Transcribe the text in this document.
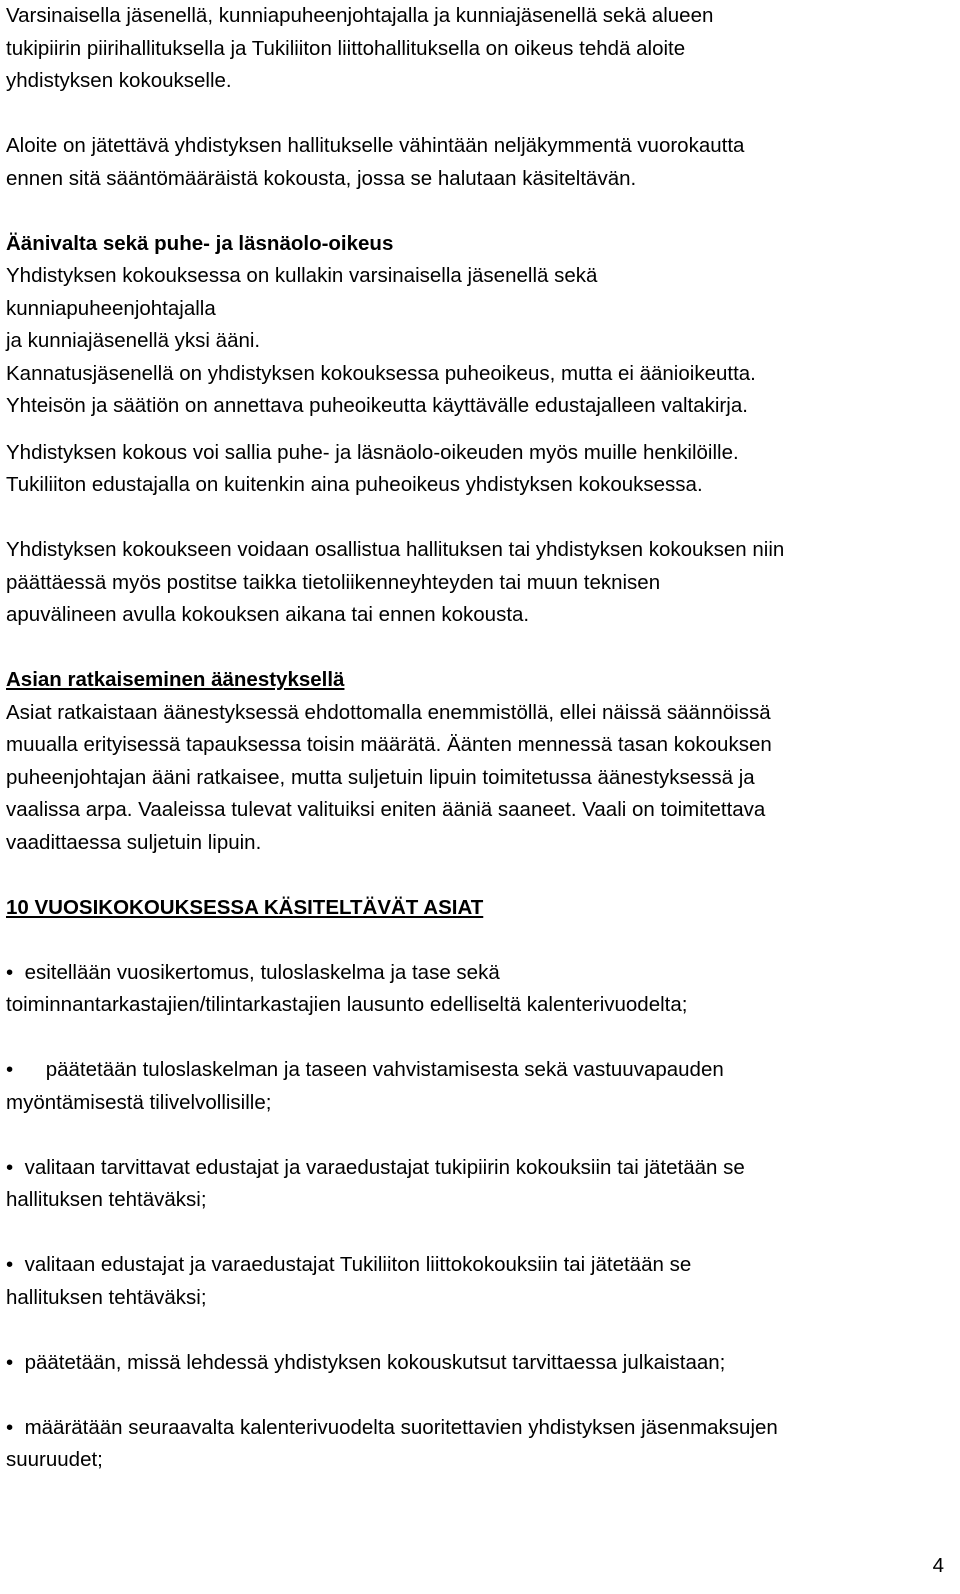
Varsinaisella jäsenellä, kunniapuheenjohtajalla ja kunniajäsenellä sekä alueen
tukipiirin piirihallituksella ja Tukiliiton liittohallituksella on oikeus tehdä aloite
yhdistyksen kokoukselle.
Aloite on jätettävä yhdistyksen hallitukselle vähintään neljäkymmentä vuorokautta
ennen sitä sääntömääräistä kokousta, jossa se halutaan käsiteltävän.
Äänivalta sekä puhe- ja läsnäolo-oikeus
Yhdistyksen kokouksessa on kullakin varsinaisella jäsenellä sekä
kunniapuheenjohtajalla
ja kunniajäsenellä yksi ääni.
Kannatusjäsenellä on yhdistyksen kokouksessa puheoikeus, mutta ei äänioikeutta.
Yhteisön ja säätiön on annettava puheoikeutta käyttävälle edustajalleen valtakirja.
Yhdistyksen kokous voi sallia puhe- ja läsnäolo-oikeuden myös muille henkilöille.
Tukiliiton edustajalla on kuitenkin aina puheoikeus yhdistyksen kokouksessa.
Yhdistyksen kokoukseen voidaan osallistua hallituksen tai yhdistyksen kokouksen niin
päättäessä myös postitse taikka tietoliikenneyhteyden tai muun teknisen
apuvälineen avulla kokouksen aikana tai ennen kokousta.
Asian ratkaiseminen äänestyksellä
Asiat ratkaistaan äänestyksessä ehdottomalla enemmistöllä, ellei näissä säännöissä
muualla erityisessä tapauksessa toisin määrätä. Äänten mennessä tasan kokouksen
puheenjohtajan ääni ratkaisee, mutta suljetuin lipuin toimitetussa äänestyksessä ja
vaalissa arpa. Vaaleissa tulevat valituiksi eniten ääniä saaneet. Vaali on toimitettava
vaadittaessa suljetuin lipuin.
10 VUOSIKOKOUKSESSA KÄSITELTÄVÄT ASIAT
•  esitellään vuosikertomus, tuloslaskelma ja tase sekä
toiminnantarkastajien/tilintarkastajien lausunto edelliseltä kalenterivuodelta;
• päätetään tuloslaskelman ja taseen vahvistamisesta sekä vastuuvapauden
myöntämisestä tilivelvollisille;
•  valitaan tarvittavat edustajat ja varaedustajat tukipiirin kokouksiin tai jätetään se
hallituksen tehtäväksi;
•  valitaan edustajat ja varaedustajat Tukiliiton liittokokouksiin tai jätetään se
hallituksen tehtäväksi;
•  päätetään, missä lehdessä yhdistyksen kokouskutsut tarvittaessa julkaistaan;
•  määrätään seuraavalta kalenterivuodelta suoritettavien yhdistyksen jäsenmaksujen
suuruudet;
4
